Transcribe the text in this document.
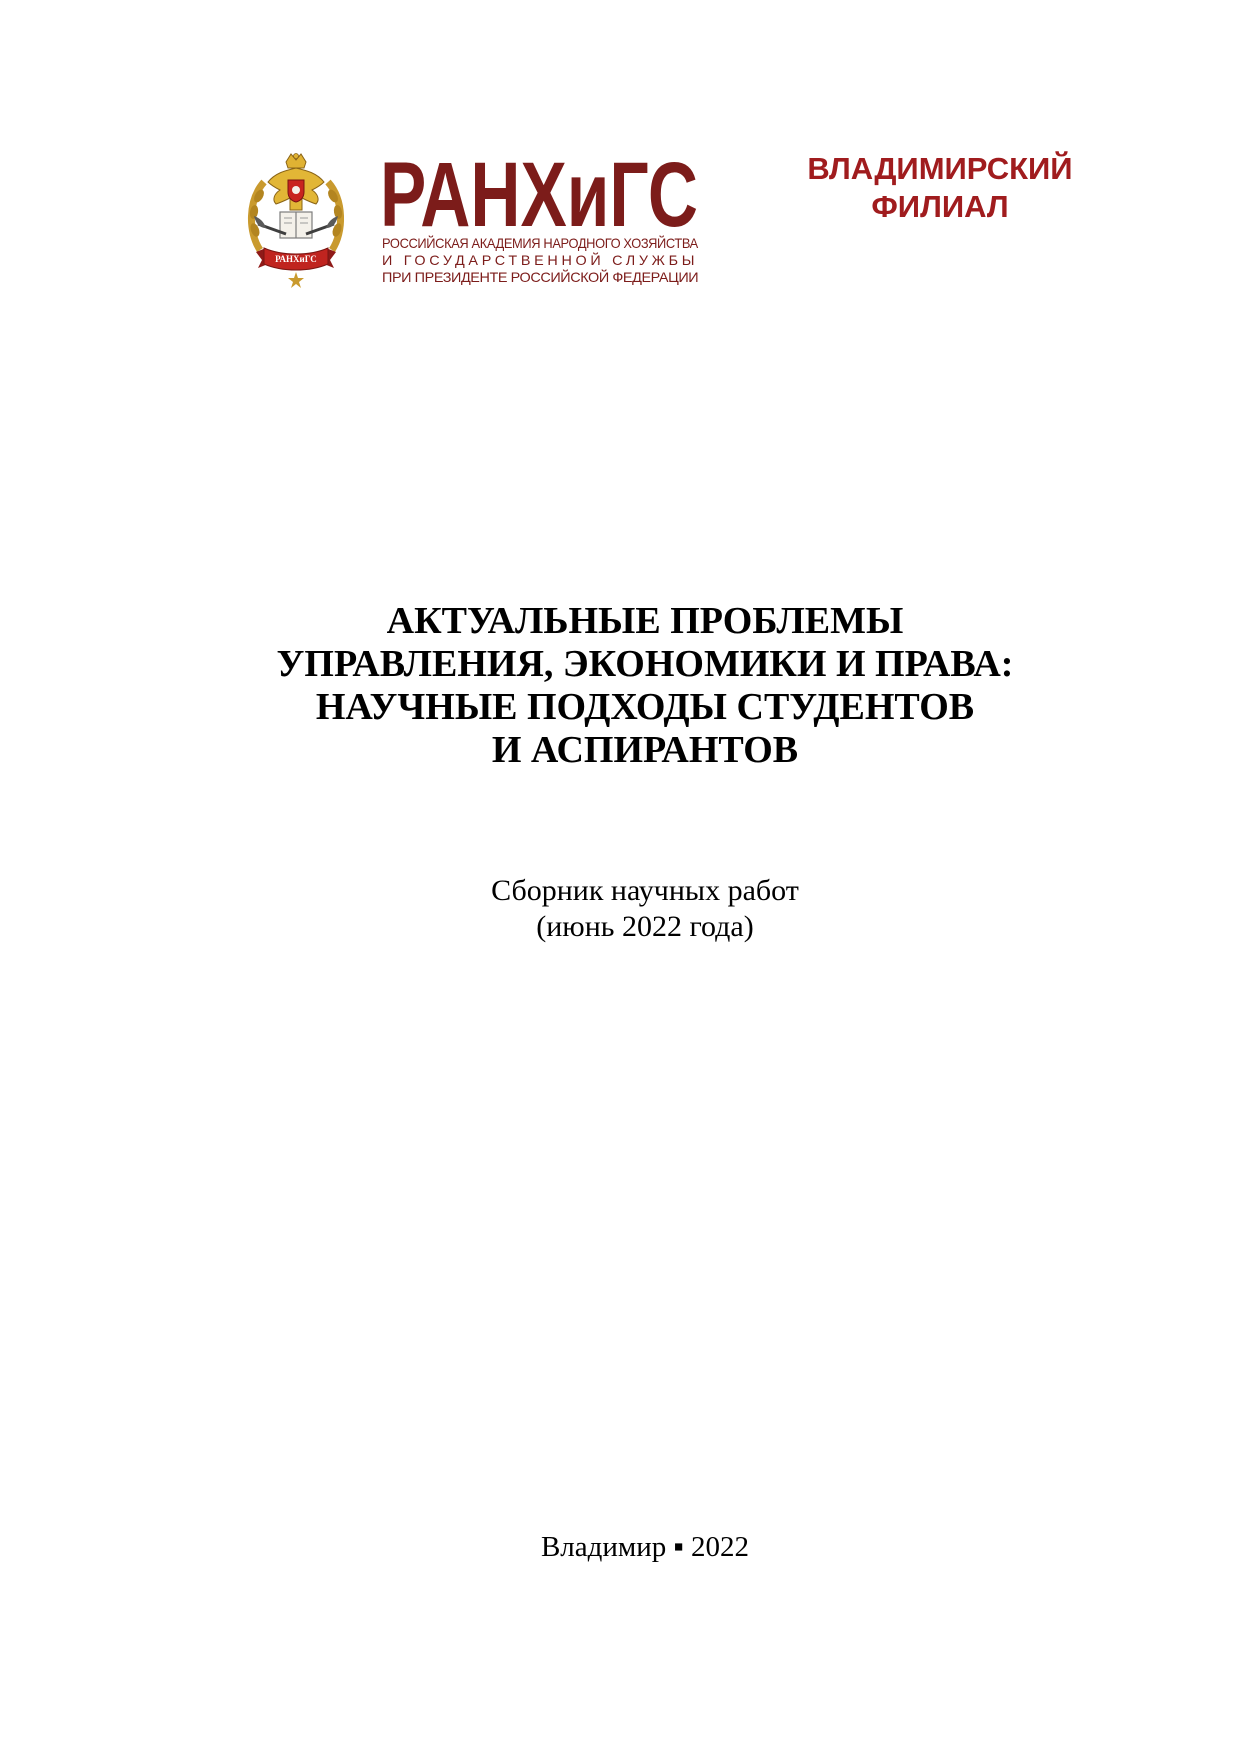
РАНХиГС
РАНХиГС
РОССИЙСКАЯ АКАДЕМИЯ НАРОДНОГО ХОЗЯЙСТВА
И ГОСУДАРСТВЕННОЙ СЛУЖБЫ
ПРИ ПРЕЗИДЕНТЕ РОССИЙСКОЙ ФЕДЕРАЦИИ
ВЛАДИМИРСКИЙ
ФИЛИАЛ
АКТУАЛЬНЫЕ ПРОБЛЕМЫ
УПРАВЛЕНИЯ, ЭКОНОМИКИ И ПРАВА:
НАУЧНЫЕ ПОДХОДЫ СТУДЕНТОВ
И АСПИРАНТОВ
Сборник научных работ
(июнь 2022 года)
Владимир ▪ 2022
